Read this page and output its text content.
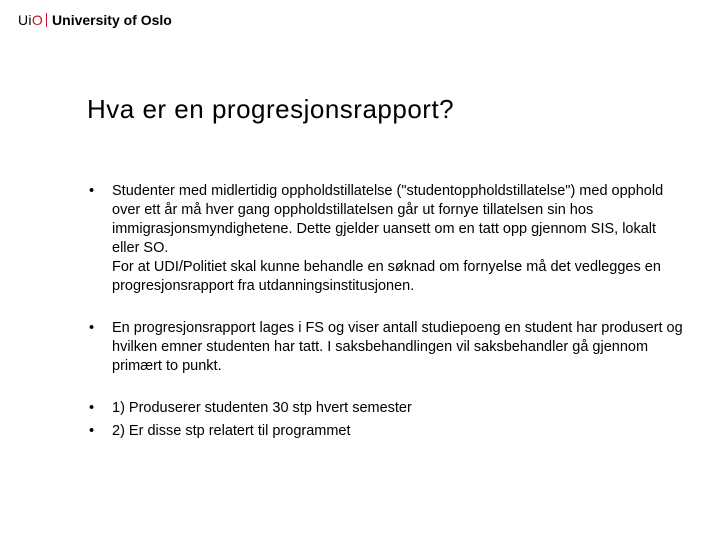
UiO University of Oslo
Hva er en progresjonsrapport?
•	Studenter med midlertidig oppholdstillatelse ("studentoppholdstillatelse") med opphold over ett år må hver gang oppholdstillatelsen går ut fornye tillatelsen sin hos immigrasjonsmyndighetene. Dette gjelder uansett om en tatt opp gjennom SIS, lokalt eller SO.

For at UDI/Politiet skal kunne behandle en søknad om fornyelse må det vedlegges en progresjonsrapport fra utdanningsinstitusjonen.

•	En progresjonsrapport lages i FS og viser antall studiepoeng en student har produsert og hvilken emner studenten har tatt. I saksbehandlingen vil saksbehandler gå gjennom primært to punkt.

•	1) Produserer studenten 30 stp hvert semester

•	2) Er disse stp relatert til programmet
